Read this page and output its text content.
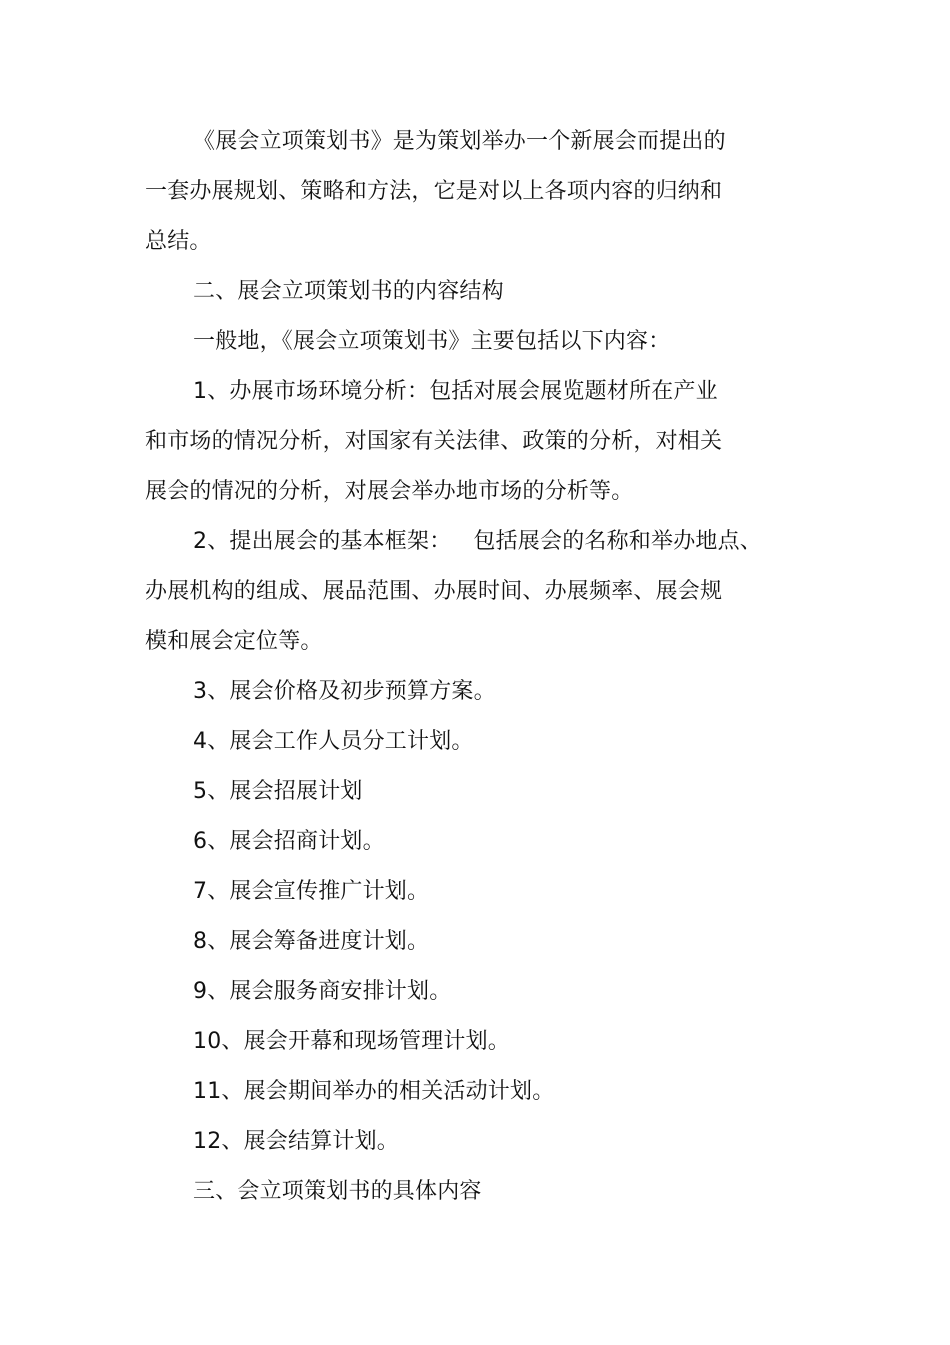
《展会立项策划书》是为策划举办一个新展会而提出的
一套办展规划、策略和方法，它是对以上各项内容的归纳和
总结。
二、展会立项策划书的内容结构
一般地，《展会立项策划书》主要包括以下内容：
1、办展市场环境分析：包括对展会展览题材所在产业
和市场的情况分析，对国家有关法律、政策的分析，对相关
展会的情况的分析，对展会举办地市场的分析等。
2、提出展会的基本框架： 包括展会的名称和举办地点、
办展机构的组成、展品范围、办展时间、办展频率、展会规
模和展会定位等。
3、展会价格及初步预算方案。
4、展会工作人员分工计划。
5、展会招展计划
6、展会招商计划。
7、展会宣传推广计划。
8、展会筹备进度计划。
9、展会服务商安排计划。
10、展会开幕和现场管理计划。
11、展会期间举办的相关活动计划。
12、展会结算计划。
三、会立项策划书的具体内容
